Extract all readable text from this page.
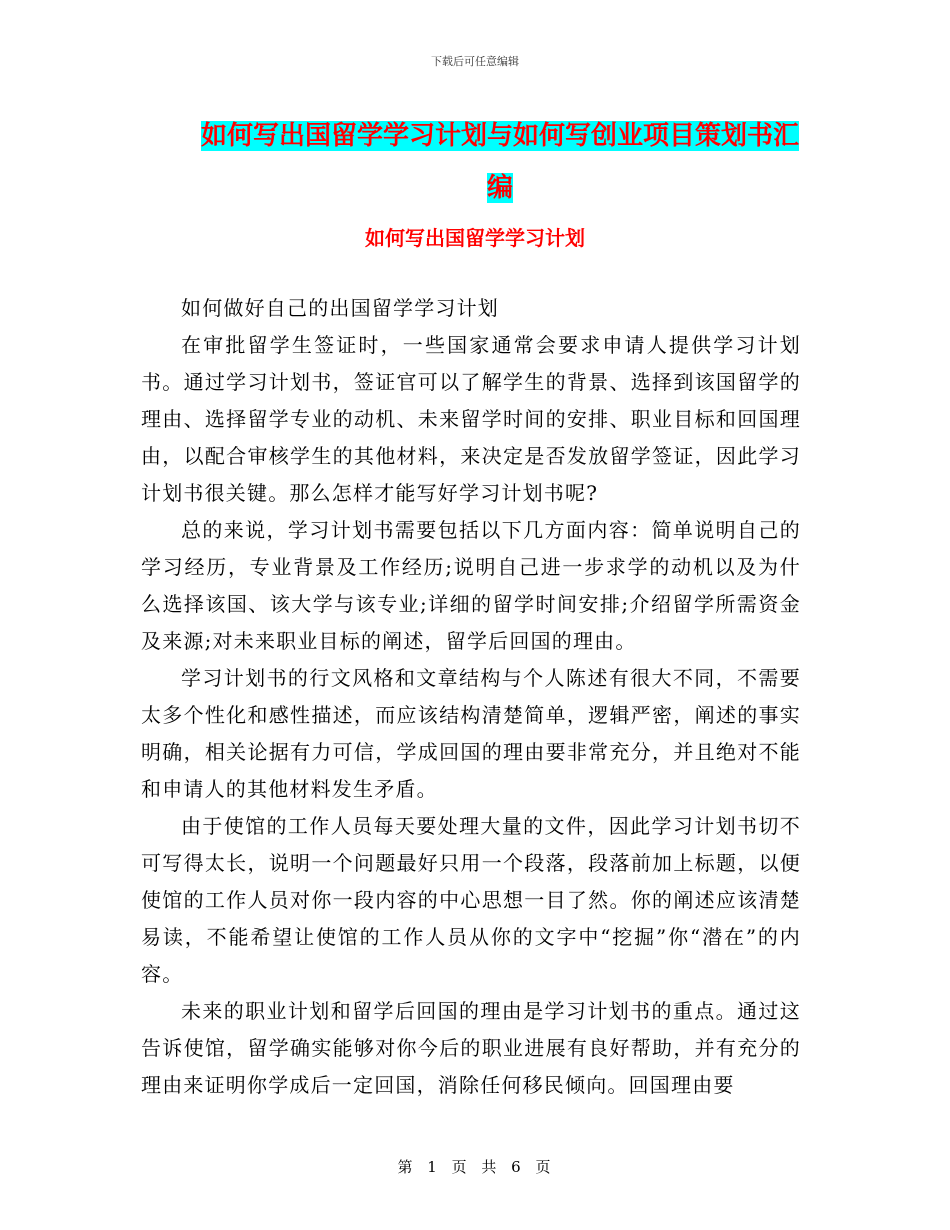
下载后可任意编辑
如何写出国留学学习计划与如何写创业项目策划书汇编
如何写出国留学学习计划

如何做好自己的出国留学学习计划

在审批留学生签证时，一些国家通常会要求申请人提供学习计划书。通过学习计划书，签证官可以了解学生的背景、选择到该国留学的理由、选择留学专业的动机、未来留学时间的安排、职业目标和回国理由，以配合审核学生的其他材料，来决定是否发放留学签证，因此学习计划书很关键。那么怎样才能写好学习计划书呢?

总的来说，学习计划书需要包括以下几方面内容：简单说明自己的学习经历，专业背景及工作经历;说明自己进一步求学的动机以及为什么选择该国、该大学与该专业;详细的留学时间安排;介绍留学所需资金及来源;对未来职业目标的阐述，留学后回国的理由。

学习计划书的行文风格和文章结构与个人陈述有很大不同，不需要太多个性化和感性描述，而应该结构清楚简单，逻辑严密，阐述的事实明确，相关论据有力可信，学成回国的理由要非常充分，并且绝对不能和申请人的其他材料发生矛盾。

由于使馆的工作人员每天要处理大量的文件，因此学习计划书切不可写得太长，说明一个问题最好只用一个段落，段落前加上标题，以便使馆的工作人员对你一段内容的中心思想一目了然。你的阐述应该清楚易读，不能希望让使馆的工作人员从你的文字中“挖掘”你“潜在”的内容。

未来的职业计划和留学后回国的理由是学习计划书的重点。通过这告诉使馆，留学确实能够对你今后的职业进展有良好帮助，并有充分的理由来证明你学成后一定回国，消除任何移民倾向。回国理由要

第 1 页 共 6 页
